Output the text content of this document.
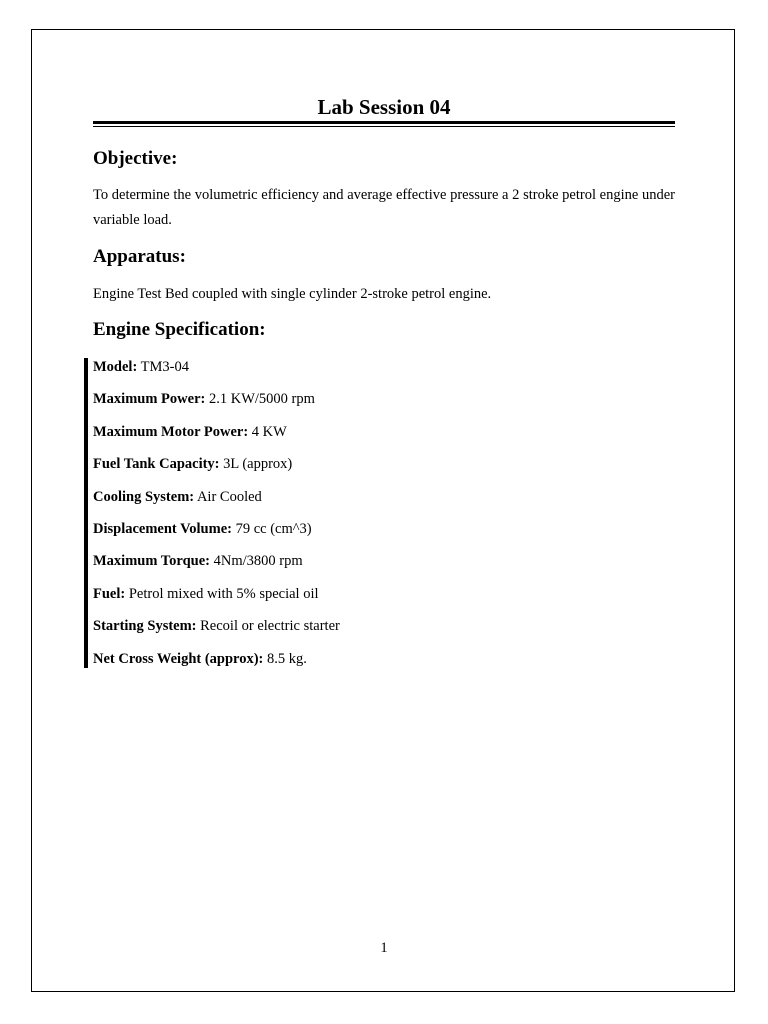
Lab Session 04
Objective:
To determine the volumetric efficiency and average effective pressure a 2 stroke petrol engine under variable load.
Apparatus:
Engine Test Bed coupled with single cylinder 2-stroke petrol engine.
Engine Specification:
Model: TM3-04
Maximum Power: 2.1 KW/5000 rpm
Maximum Motor Power: 4 KW
Fuel Tank Capacity: 3L (approx)
Cooling System: Air Cooled
Displacement Volume: 79 cc (cm^3)
Maximum Torque: 4Nm/3800 rpm
Fuel: Petrol mixed with 5% special oil
Starting System: Recoil or electric starter
Net Cross Weight (approx): 8.5 kg.
1
